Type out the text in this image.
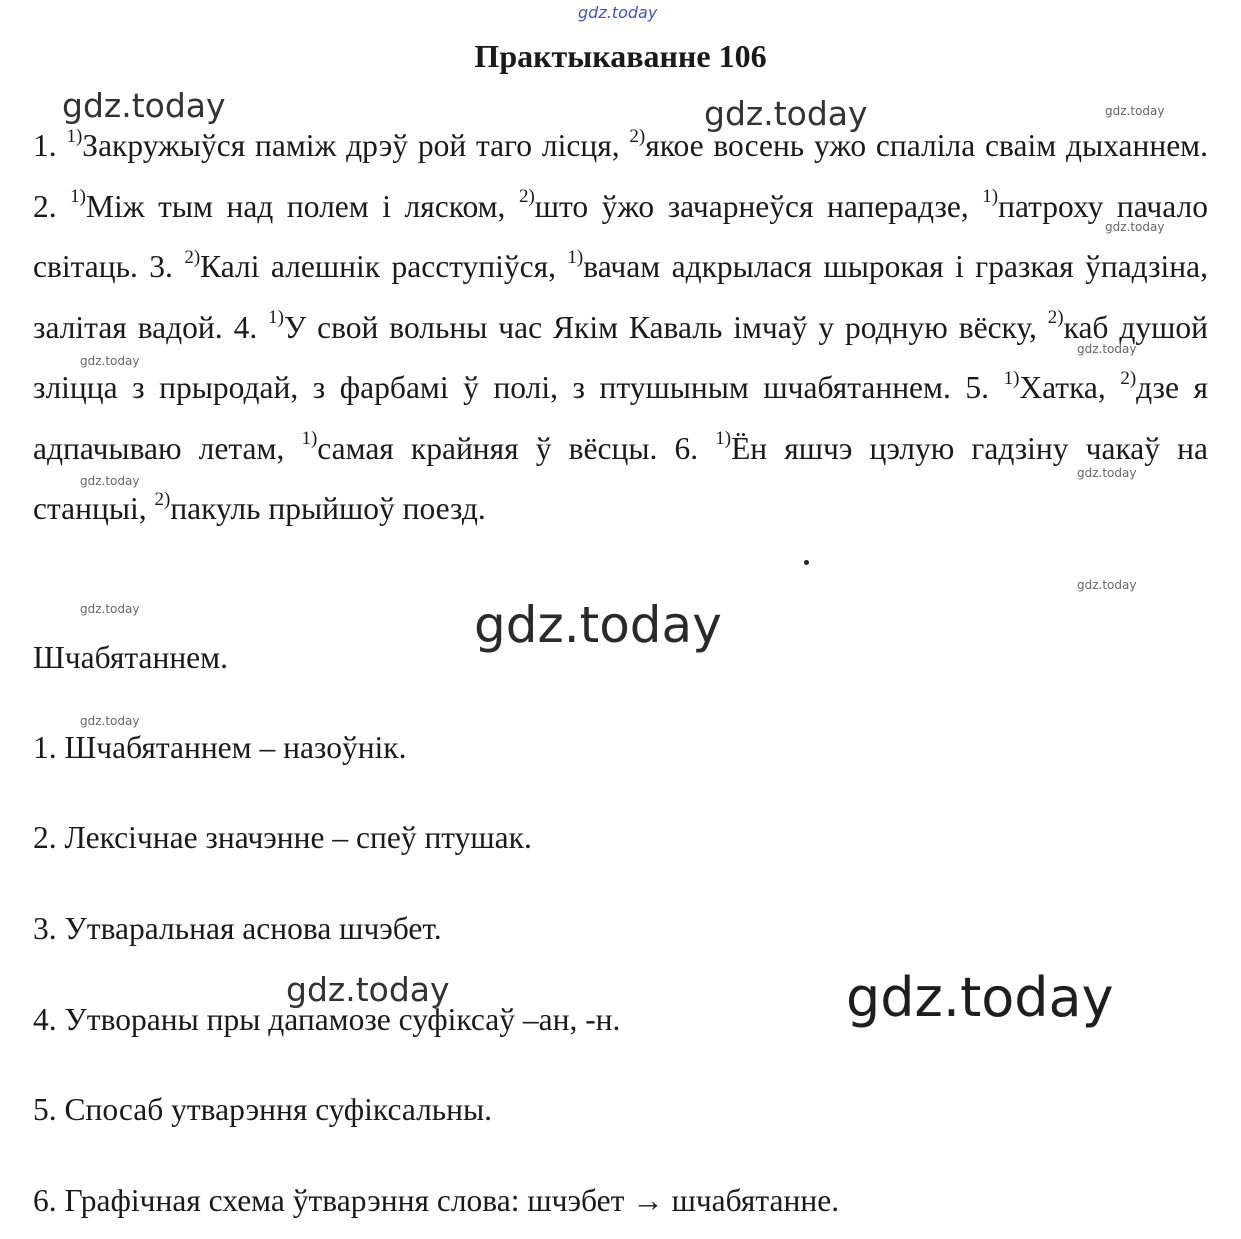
Практыкаванне 106

1. $^{1)}$Закружыўся паміж дрэў рой таго лісця, $^{2)}$якое восень ужо спаліла сваім дыханнем. 2. $^{1)}$Між тым над полем і ляском, $^{2)}$што ўжо зачарнеўся наперадзе, $^{1)}$патроху пачало світаць. 3. $^{2)}$Калі алешнік расступіўся, $^{1)}$вачам адкрылася шырокая і гразкая ўпадзіна, залітая вадой. 4. $^{1)}$У свой вольны час Якім Каваль імчаў у родную вёску, $^{2)}$каб душой зліцца з прыродай, з фарбамі ў полі, з птушыным шчабятаннем. 5. $^{1)}$Хатка, $^{2)}$дзе я адпачываю летам, $^{1)}$самая крайняя ў вёсцы. 6. $^{1)}$Ён яшчэ цэлую гадзіну чакаў на станцыі, $^{2)}$пакуль прыйшоў поезд.

Шчабятаннем.
1. Шчабятаннем – назоўнік.
2. Лексічнае значэнне – спеў птушак.
3. Утваральная аснова шчэбет.
4. Утвораны пры дапамозе суфіксаў –ан, -н.
5. Спосаб утварэння суфіксальны.
6. Графічная схема ўтварэння слова: шчэбет → шчабятанне.
gdz.today
gdz.today	gdz.today	gdz.today
gdz.today
gdz.today
gdz.today
gdz.today
gdz.today
gdz.today
gdz.today	gdz.today
gdz.today
gdz.today	gdz.today
